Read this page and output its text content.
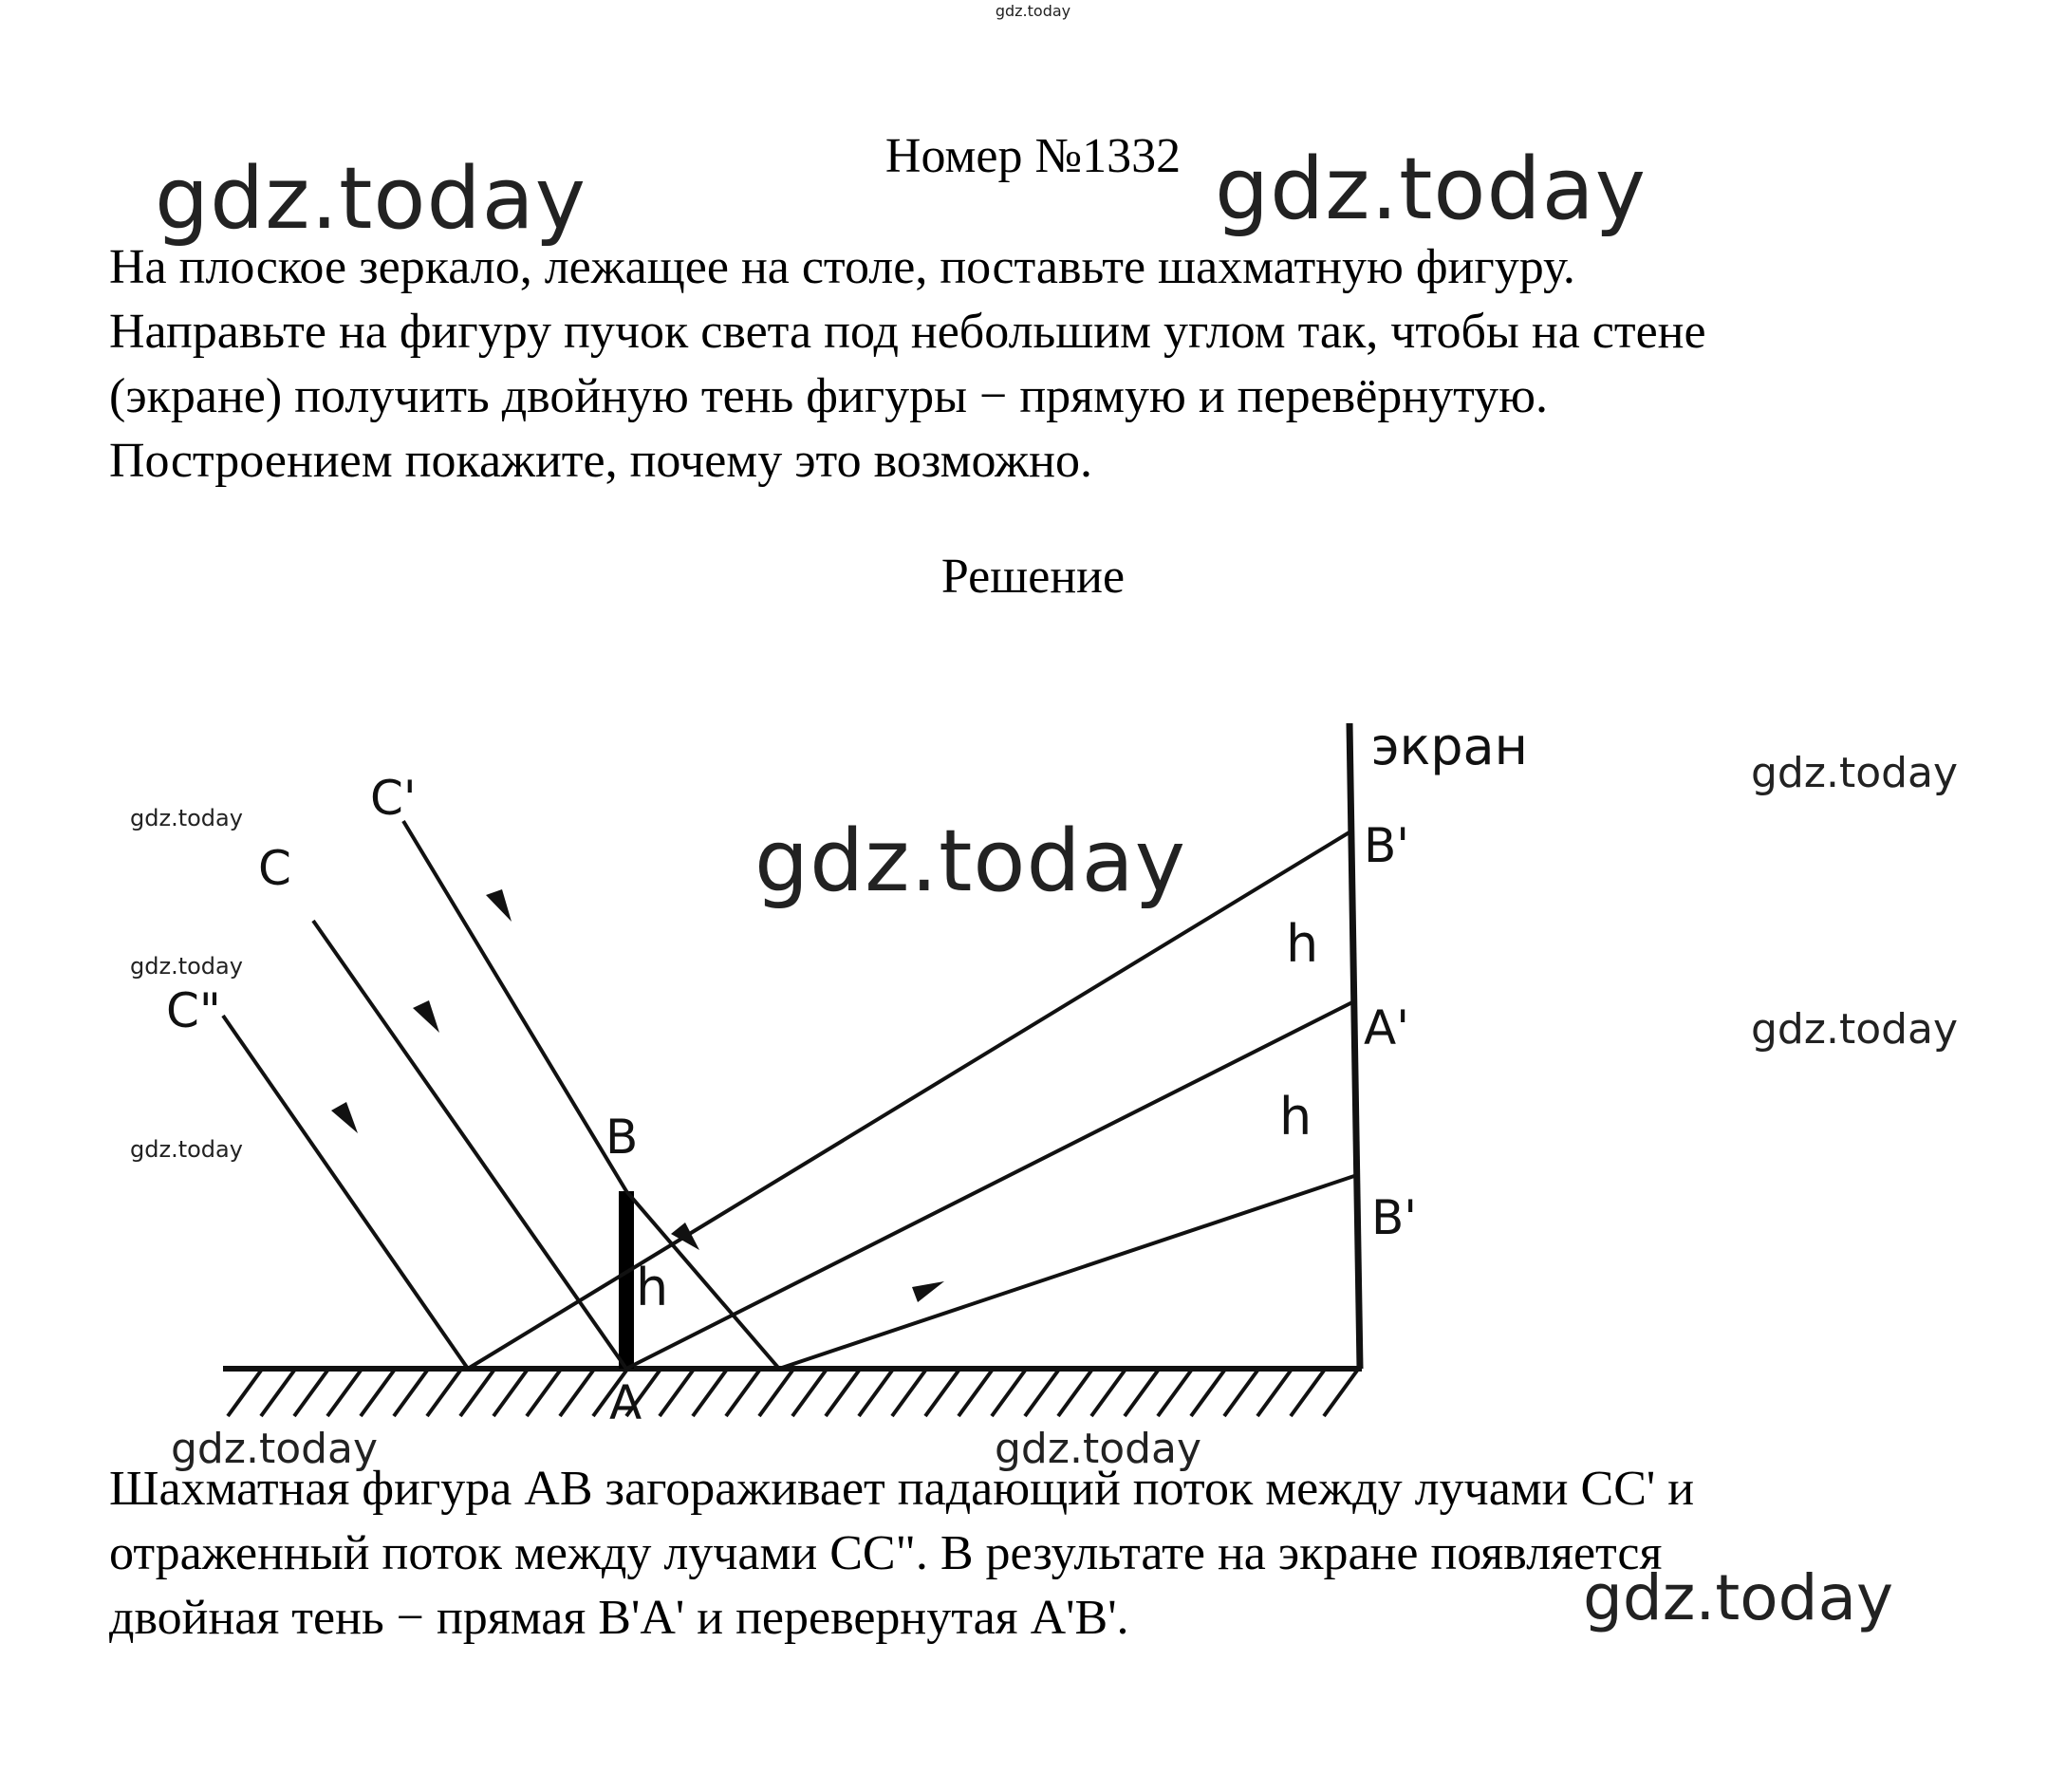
gdz.today
Номер №1332
На плоское зеркало, лежащее на столе, поставьте шахматную фигуру.
Направьте на фигуру пучок света под небольшим углом так, чтобы на стене
(экране) получить двойную тень фигуры − прямую и перевёрнутую.
Построением покажите, почему это возможно.
Решение
экран
C'
C
C"
B
A
h
B'
h
A'
h
B'
Шахматная фигура AB загораживает падающий поток между лучами CC' и
отраженный поток между лучами CC". В результате на экране появляется
двойная тень − прямая B'A' и перевернутая A'B'.
gdz.today	gdz.today
gdz.today
gdz.today
gdz.today
gdz.today
gdz.today
gdz.today
gdz.today	gdz.today
gdz.today
